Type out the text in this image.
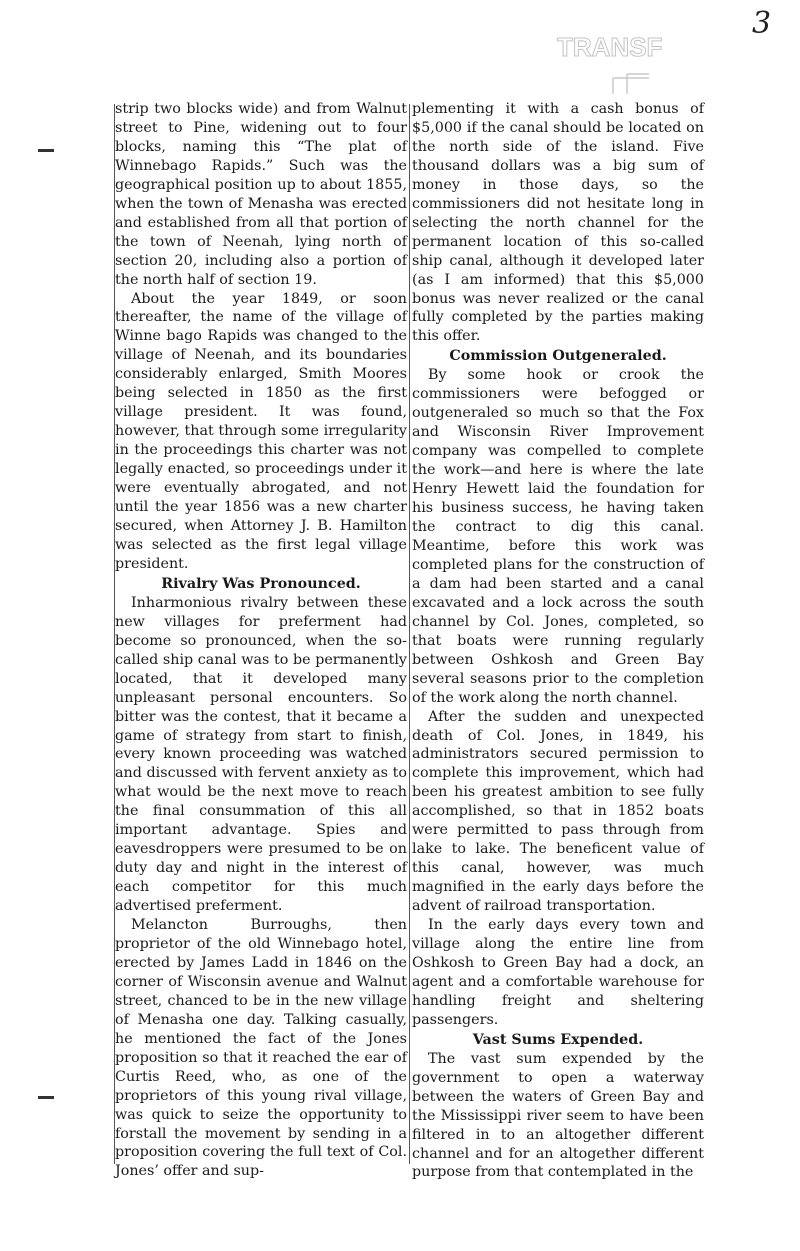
3
TRANSF

strip two blocks wide) and from Walnut street to Pine, widening out to four blocks, naming this “The plat of Winnebago Rapids.” Such was the geographical position up to about 1855, when the town of Menasha was erected and established from all that portion of the town of Neenah, lying north of section 20, including also a portion of the north half of section 19.

About the year 1849, or soon thereafter, the name of the village of Winne bago Rapids was changed to the village of Neenah, and its boundaries considerably enlarged, Smith Moores being selected in 1850 as the first village president. It was found, however, that through some irregularity in the proceedings this charter was not legally enacted, so proceedings under it were eventually abrogated, and not until the year 1856 was a new charter secured, when Attorney J. B. Hamilton was selected as the first legal village president.

Rivalry Was Pronounced.

Inharmonious rivalry between these new villages for preferment had become so pronounced, when the so-called ship canal was to be permanently located, that it developed many unpleasant personal encounters. So bitter was the contest, that it became a game of strategy from start to finish, every known proceeding was watched and discussed with fervent anxiety as to what would be the next move to reach the final consummation of this all important advantage. Spies and eavesdroppers were presumed to be on duty day and night in the interest of each competitor for this much advertised preferment.

Melancton Burroughs, then proprietor of the old Winnebago hotel, erected by James Ladd in 1846 on the corner of Wisconsin avenue and Walnut street, chanced to be in the new village of Menasha one day. Talking casually, he mentioned the fact of the Jones proposition so that it reached the ear of Curtis Reed, who, as one of the proprietors of this young rival village, was quick to seize the opportunity to forstall the movement by sending in a proposition covering the full text of Col. Jones’ offer and sup-

plementing it with a cash bonus of $5,000 if the canal should be located on the north side of the island. Five thousand dollars was a big sum of money in those days, so the commissioners did not hesitate long in selecting the north channel for the permanent location of this so-called ship canal, although it developed later (as I am informed) that this $5,000 bonus was never realized or the canal fully completed by the parties making this offer.

Commission Outgeneraled.

By some hook or crook the commissioners were befogged or outgeneraled so much so that the Fox and Wisconsin River Improvement company was compelled to complete the work—and here is where the late Henry Hewett laid the foundation for his business success, he having taken the contract to dig this canal. Meantime, before this work was completed plans for the construction of a dam had been started and a canal excavated and a lock across the south channel by Col. Jones, completed, so that boats were running regularly between Oshkosh and Green Bay several seasons prior to the completion of the work along the north channel.

After the sudden and unexpected death of Col. Jones, in 1849, his administrators secured permission to complete this improvement, which had been his greatest ambition to see fully accomplished, so that in 1852 boats were permitted to pass through from lake to lake. The beneficent value of this canal, however, was much magnified in the early days before the advent of railroad transportation.

In the early days every town and village along the entire line from Oshkosh to Green Bay had a dock, an agent and a comfortable warehouse for handling freight and sheltering passengers.

Vast Sums Expended.

The vast sum expended by the government to open a waterway between the waters of Green Bay and the Mississippi river seem to have been filtered in to an altogether different channel and for an altogether different purpose from that contemplated in the
